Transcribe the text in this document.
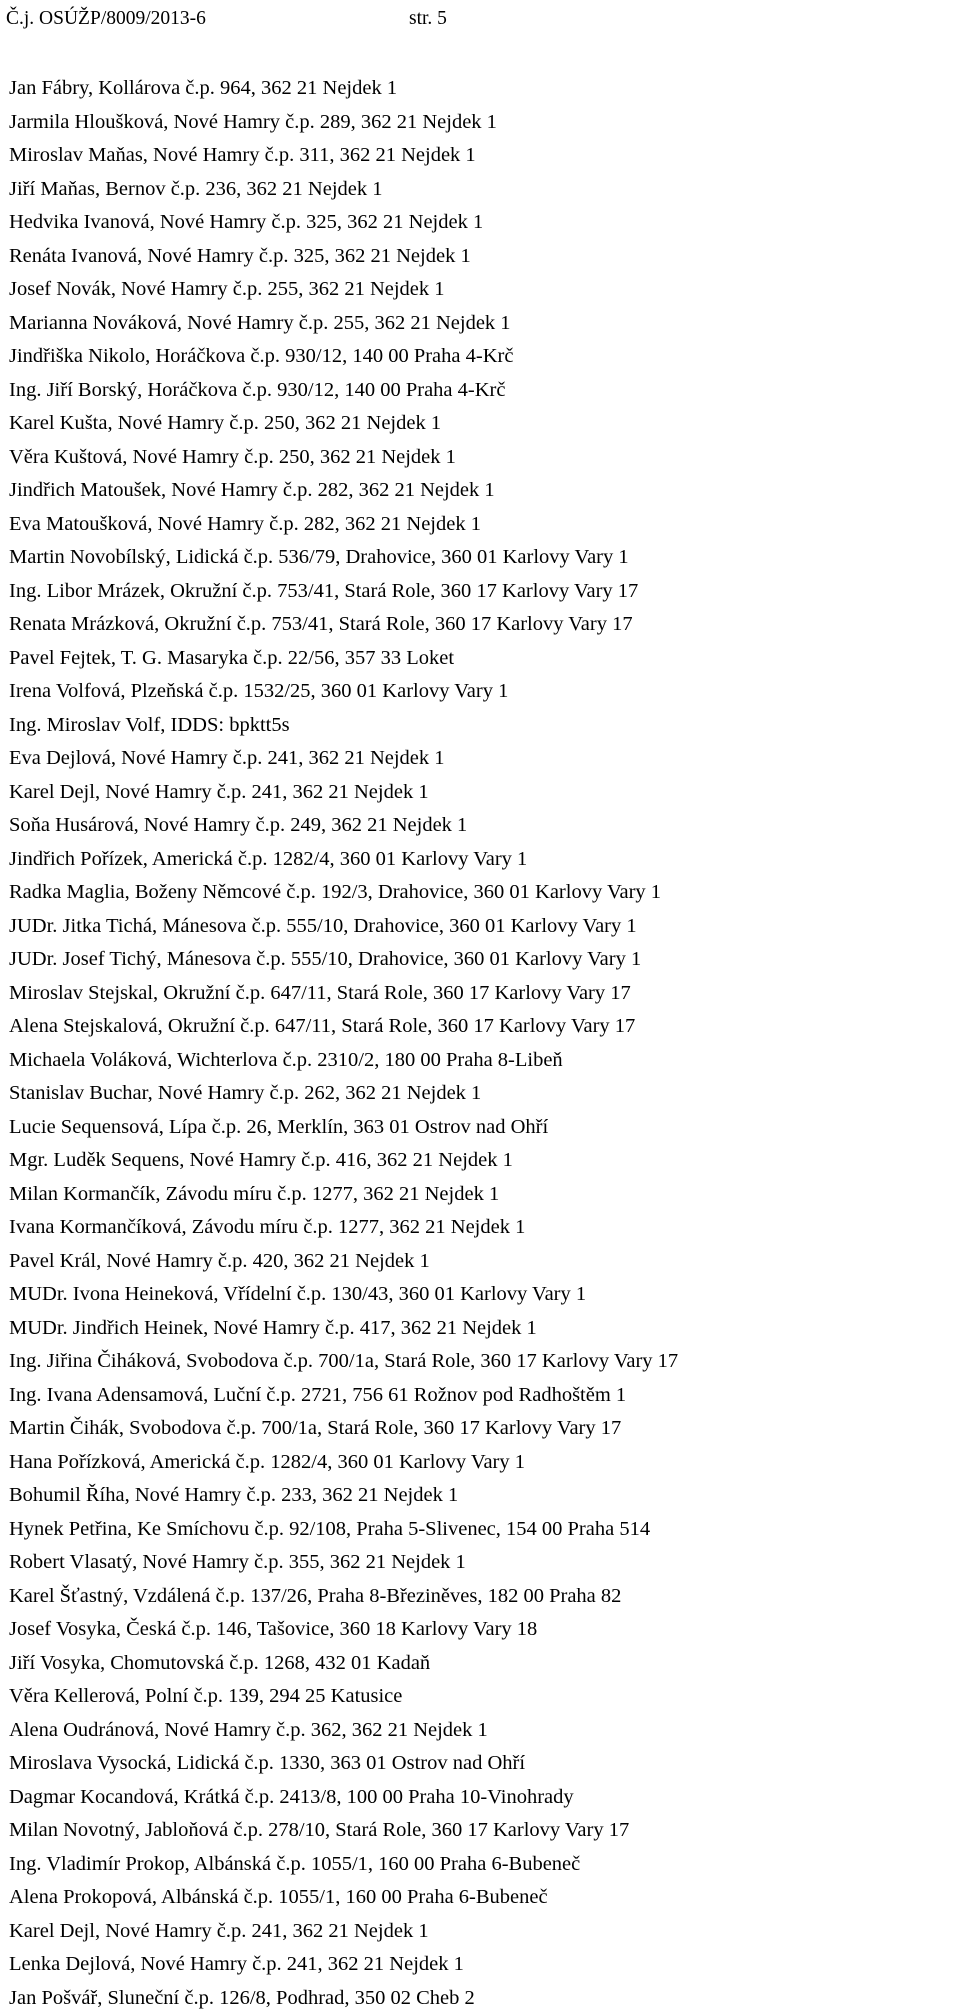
Č.j. OSÚŽP/8009/2013-6	str. 5
Jan Fábry, Kollárova č.p. 964, 362 21 Nejdek 1
Jarmila Hloušková, Nové Hamry č.p. 289, 362 21 Nejdek 1
Miroslav Maňas, Nové Hamry č.p. 311, 362 21 Nejdek 1
Jiří Maňas, Bernov č.p. 236, 362 21 Nejdek 1
Hedvika Ivanová, Nové Hamry č.p. 325, 362 21 Nejdek 1
Renáta Ivanová, Nové Hamry č.p. 325, 362 21 Nejdek 1
Josef Novák, Nové Hamry č.p. 255, 362 21 Nejdek 1
Marianna Nováková, Nové Hamry č.p. 255, 362 21 Nejdek 1
Jindřiška Nikolo, Horáčkova č.p. 930/12, 140 00 Praha 4-Krč
Ing. Jiří Borský, Horáčkova č.p. 930/12, 140 00 Praha 4-Krč
Karel Kušta, Nové Hamry č.p. 250, 362 21 Nejdek 1
Věra Kuštová, Nové Hamry č.p. 250, 362 21 Nejdek 1
Jindřich Matoušek, Nové Hamry č.p. 282, 362 21 Nejdek 1
Eva Matoušková, Nové Hamry č.p. 282, 362 21 Nejdek 1
Martin Novobílský, Lidická č.p. 536/79, Drahovice, 360 01 Karlovy Vary 1
Ing. Libor Mrázek, Okružní č.p. 753/41, Stará Role, 360 17 Karlovy Vary 17
Renata Mrázková, Okružní č.p. 753/41, Stará Role, 360 17 Karlovy Vary 17
Pavel Fejtek, T. G. Masaryka č.p. 22/56, 357 33 Loket
Irena Volfová, Plzeňská č.p. 1532/25, 360 01 Karlovy Vary 1
Ing. Miroslav Volf, IDDS: bpktt5s
Eva Dejlová, Nové Hamry č.p. 241, 362 21 Nejdek 1
Karel Dejl, Nové Hamry č.p. 241, 362 21 Nejdek 1
Soňa Husárová, Nové Hamry č.p. 249, 362 21 Nejdek 1
Jindřich Pořízek, Americká č.p. 1282/4, 360 01 Karlovy Vary 1
Radka Maglia, Boženy Němcové č.p. 192/3, Drahovice, 360 01 Karlovy Vary 1
JUDr. Jitka Tichá, Mánesova č.p. 555/10, Drahovice, 360 01 Karlovy Vary 1
JUDr. Josef Tichý, Mánesova č.p. 555/10, Drahovice, 360 01 Karlovy Vary 1
Miroslav Stejskal, Okružní č.p. 647/11, Stará Role, 360 17 Karlovy Vary 17
Alena Stejskalová, Okružní č.p. 647/11, Stará Role, 360 17 Karlovy Vary 17
Michaela Voláková, Wichterlova č.p. 2310/2, 180 00 Praha 8-Libeň
Stanislav Buchar, Nové Hamry č.p. 262, 362 21 Nejdek 1
Lucie Sequensová, Lípa č.p. 26, Merklín, 363 01 Ostrov nad Ohří
Mgr. Luděk Sequens, Nové Hamry č.p. 416, 362 21 Nejdek 1
Milan Kormančík, Závodu míru č.p. 1277, 362 21 Nejdek 1
Ivana Kormančíková, Závodu míru č.p. 1277, 362 21 Nejdek 1
Pavel Král, Nové Hamry č.p. 420, 362 21 Nejdek 1
MUDr. Ivona Heineková, Vřídelní č.p. 130/43, 360 01 Karlovy Vary 1
MUDr. Jindřich Heinek, Nové Hamry č.p. 417, 362 21 Nejdek 1
Ing. Jiřina Čiháková, Svobodova č.p. 700/1a, Stará Role, 360 17 Karlovy Vary 17
Ing. Ivana Adensamová, Luční č.p. 2721, 756 61 Rožnov pod Radhoštěm 1
Martin Čihák, Svobodova č.p. 700/1a, Stará Role, 360 17 Karlovy Vary 17
Hana Pořízková, Americká č.p. 1282/4, 360 01 Karlovy Vary 1
Bohumil Říha, Nové Hamry č.p. 233, 362 21 Nejdek 1
Hynek Petřina, Ke Smíchovu č.p. 92/108, Praha 5-Slivenec, 154 00 Praha 514
Robert Vlasatý, Nové Hamry č.p. 355, 362 21 Nejdek 1
Karel Šťastný, Vzdálená č.p. 137/26, Praha 8-Březiněves, 182 00 Praha 82
Josef Vosyka, Česká č.p. 146, Tašovice, 360 18 Karlovy Vary 18
Jiří Vosyka, Chomutovská č.p. 1268, 432 01 Kadaň
Věra Kellerová, Polní č.p. 139, 294 25 Katusice
Alena Oudránová, Nové Hamry č.p. 362, 362 21 Nejdek 1
Miroslava Vysocká, Lidická č.p. 1330, 363 01 Ostrov nad Ohří
Dagmar Kocandová, Krátká č.p. 2413/8, 100 00 Praha 10-Vinohrady
Milan Novotný, Jabloňová č.p. 278/10, Stará Role, 360 17 Karlovy Vary 17
Ing. Vladimír Prokop, Albánská č.p. 1055/1, 160 00 Praha 6-Bubeneč
Alena Prokopová, Albánská č.p. 1055/1, 160 00 Praha 6-Bubeneč
Karel Dejl, Nové Hamry č.p. 241, 362 21 Nejdek 1
Lenka Dejlová, Nové Hamry č.p. 241, 362 21 Nejdek 1
Jan Pošvář, Sluneční č.p. 126/8, Podhrad, 350 02 Cheb 2
